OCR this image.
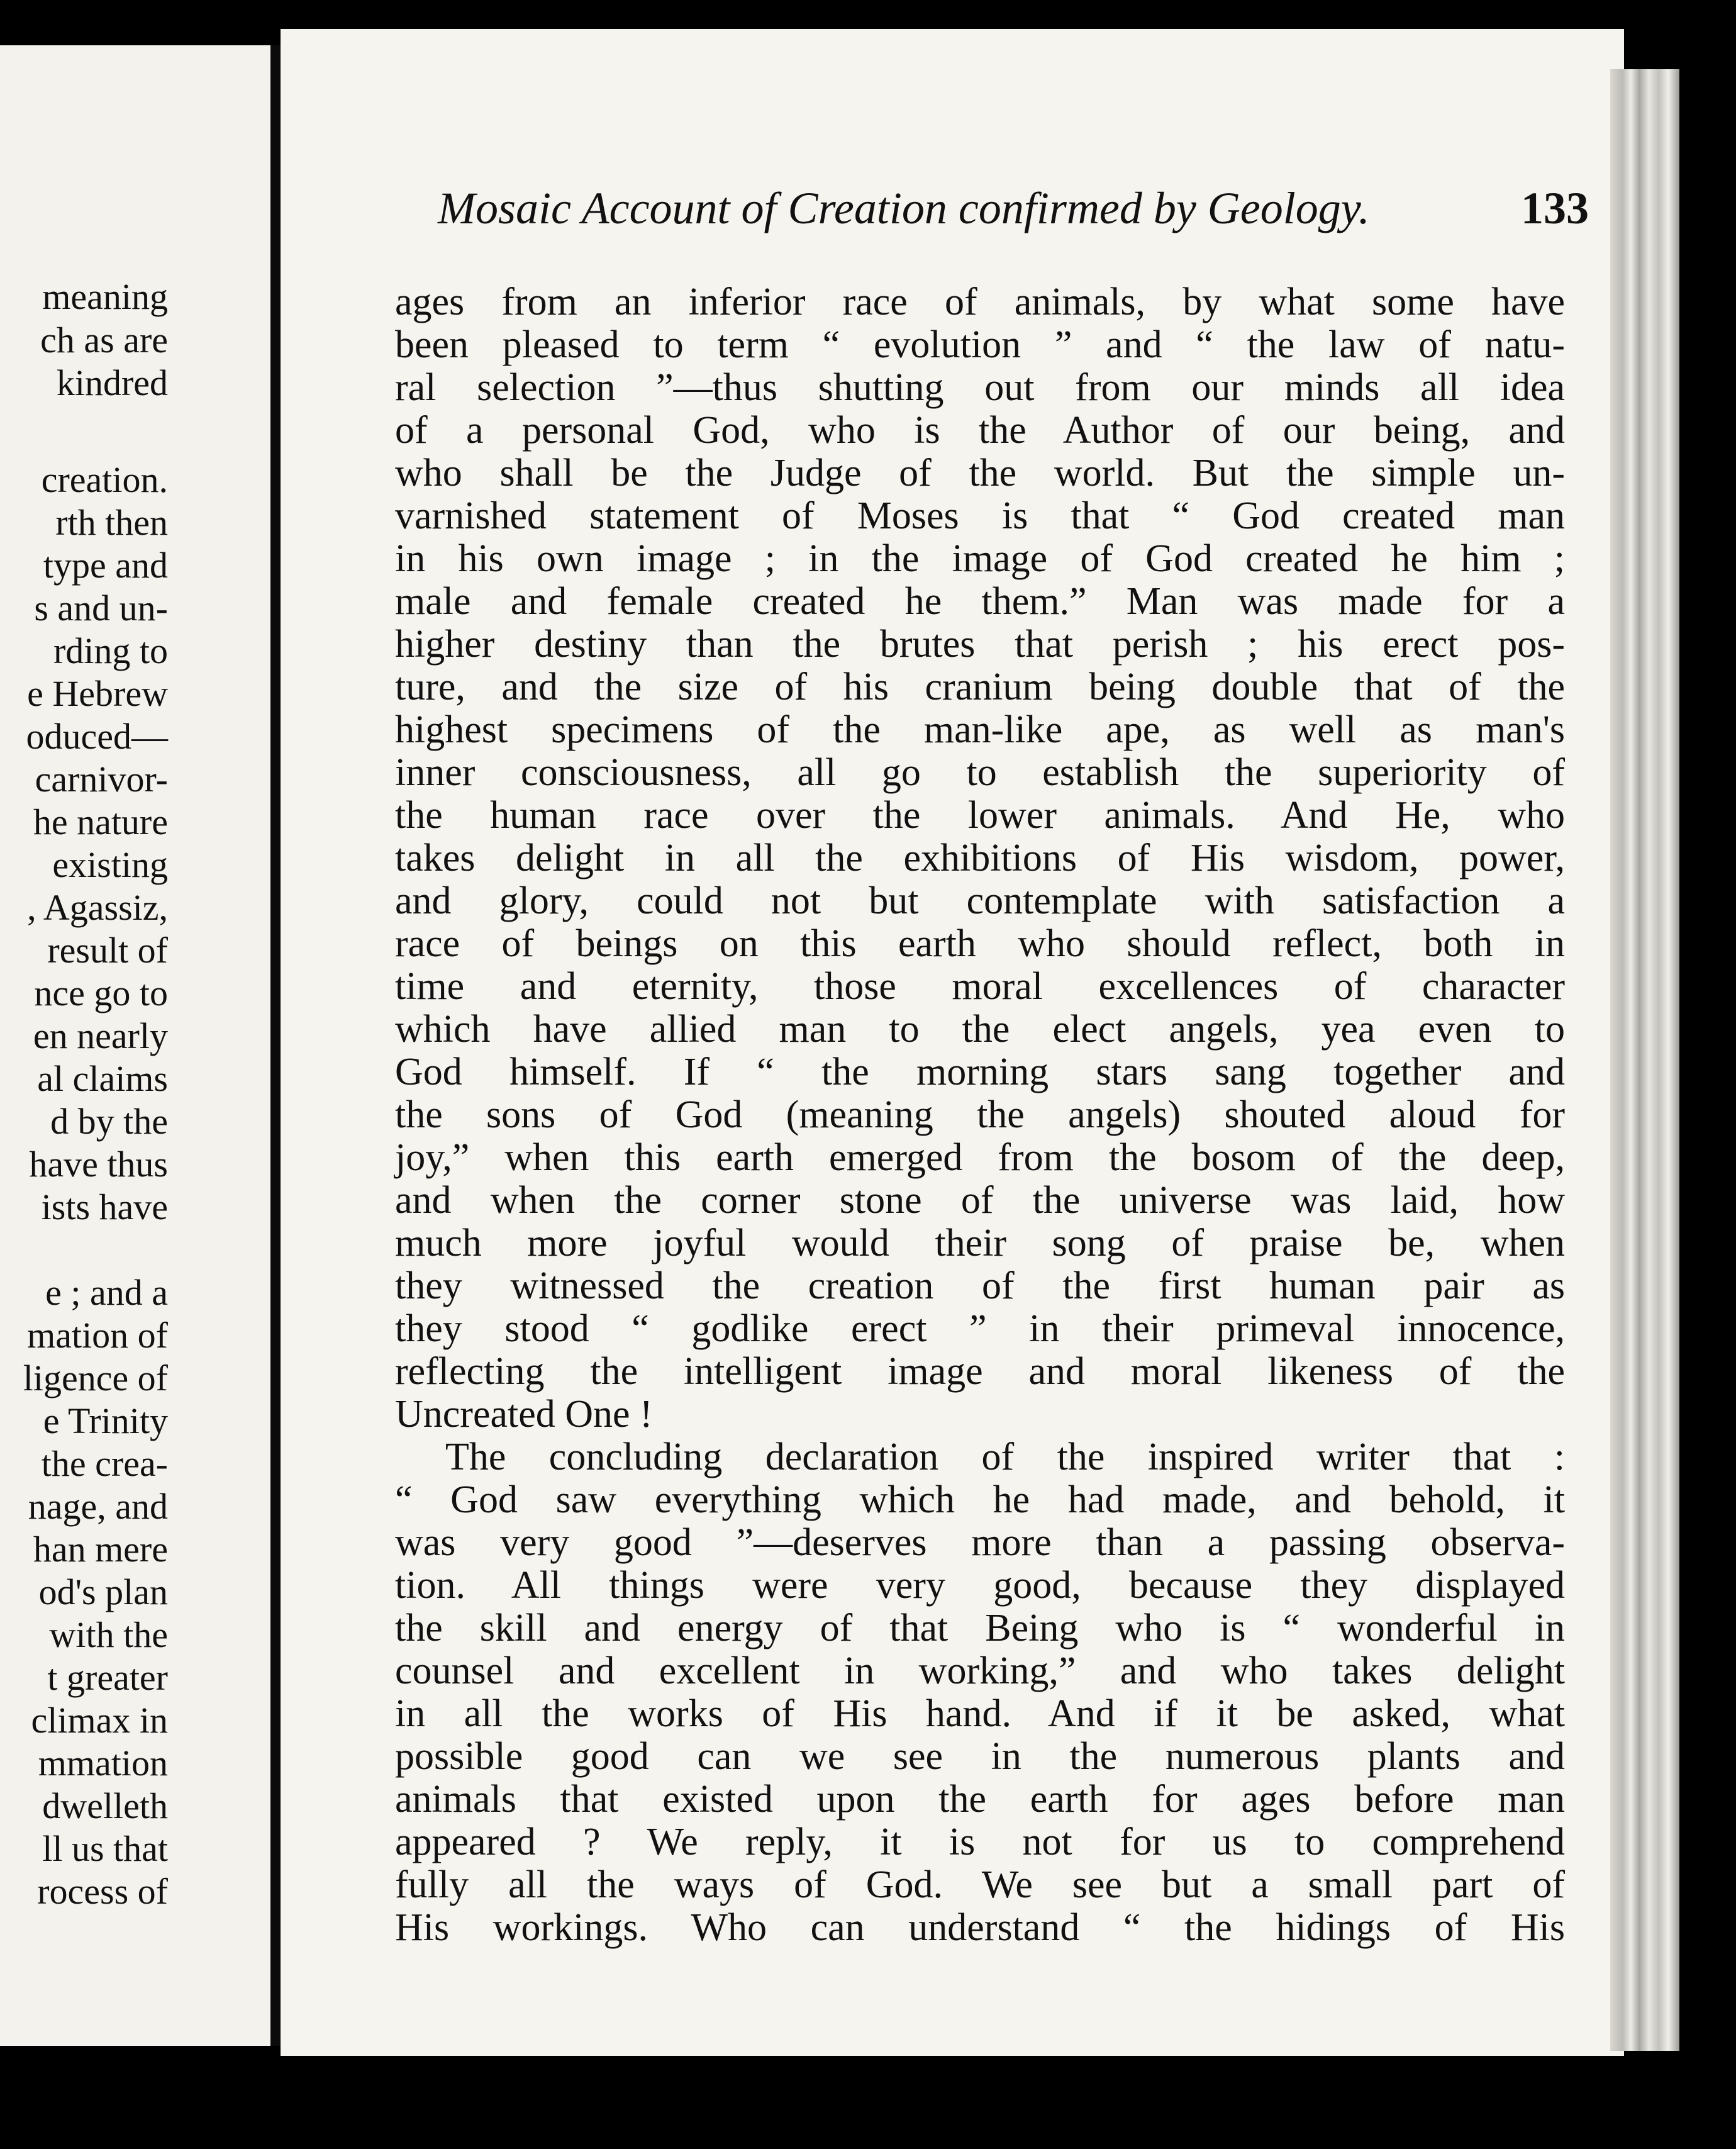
meaning
ch as are
kindred
creation.
rth then
type and
s and un-
rding to
e Hebrew
oduced—
carnivor-
he nature
existing
, Agassiz,
result of
nce go to
en nearly
al claims
d by the
have thus
ists have
e ; and a
mation of
ligence of
e Trinity
the crea-
nage, and
han mere
od's plan
with the
t greater
climax in
mmation
dwelleth
ll us that
rocess of
Mosaic Account of Creation confirmed by Geology.	133
ages from an inferior race of animals, by what some have
been pleased to term “ evolution ” and “ the law of natu-
ral selection ”—thus shutting out from our minds all idea
of a personal God, who is the Author of our being, and
who shall be the Judge of the world. But the simple un-
varnished statement of Moses is that “ God created man
in his own image ; in the image of God created he him ;
male and female created he them.” Man was made for a
higher destiny than the brutes that perish ; his erect pos-
ture, and the size of his cranium being double that of the
highest specimens of the man-like ape, as well as man's
inner consciousness, all go to establish the superiority of
the human race over the lower animals. And He, who
takes delight in all the exhibitions of His wisdom, power,
and glory, could not but contemplate with satisfaction a
race of beings on this earth who should reflect, both in
time and eternity, those moral excellences of character
which have allied man to the elect angels, yea even to
God himself. If “ the morning stars sang together and
the sons of God (meaning the angels) shouted aloud for
joy,” when this earth emerged from the bosom of the deep,
and when the corner stone of the universe was laid, how
much more joyful would their song of praise be, when
they witnessed the creation of the first human pair as
they stood “ godlike erect ” in their primeval innocence,
reflecting the intelligent image and moral likeness of the
Uncreated One !
The concluding declaration of the inspired writer that :
“ God saw everything which he had made, and behold, it
was very good ”—deserves more than a passing observa-
tion. All things were very good, because they displayed
the skill and energy of that Being who is “ wonderful in
counsel and excellent in working,” and who takes delight
in all the works of His hand. And if it be asked, what
possible good can we see in the numerous plants and
animals that existed upon the earth for ages before man
appeared ? We reply, it is not for us to comprehend
fully all the ways of God. We see but a small part of
His workings. Who can understand “ the hidings of His
